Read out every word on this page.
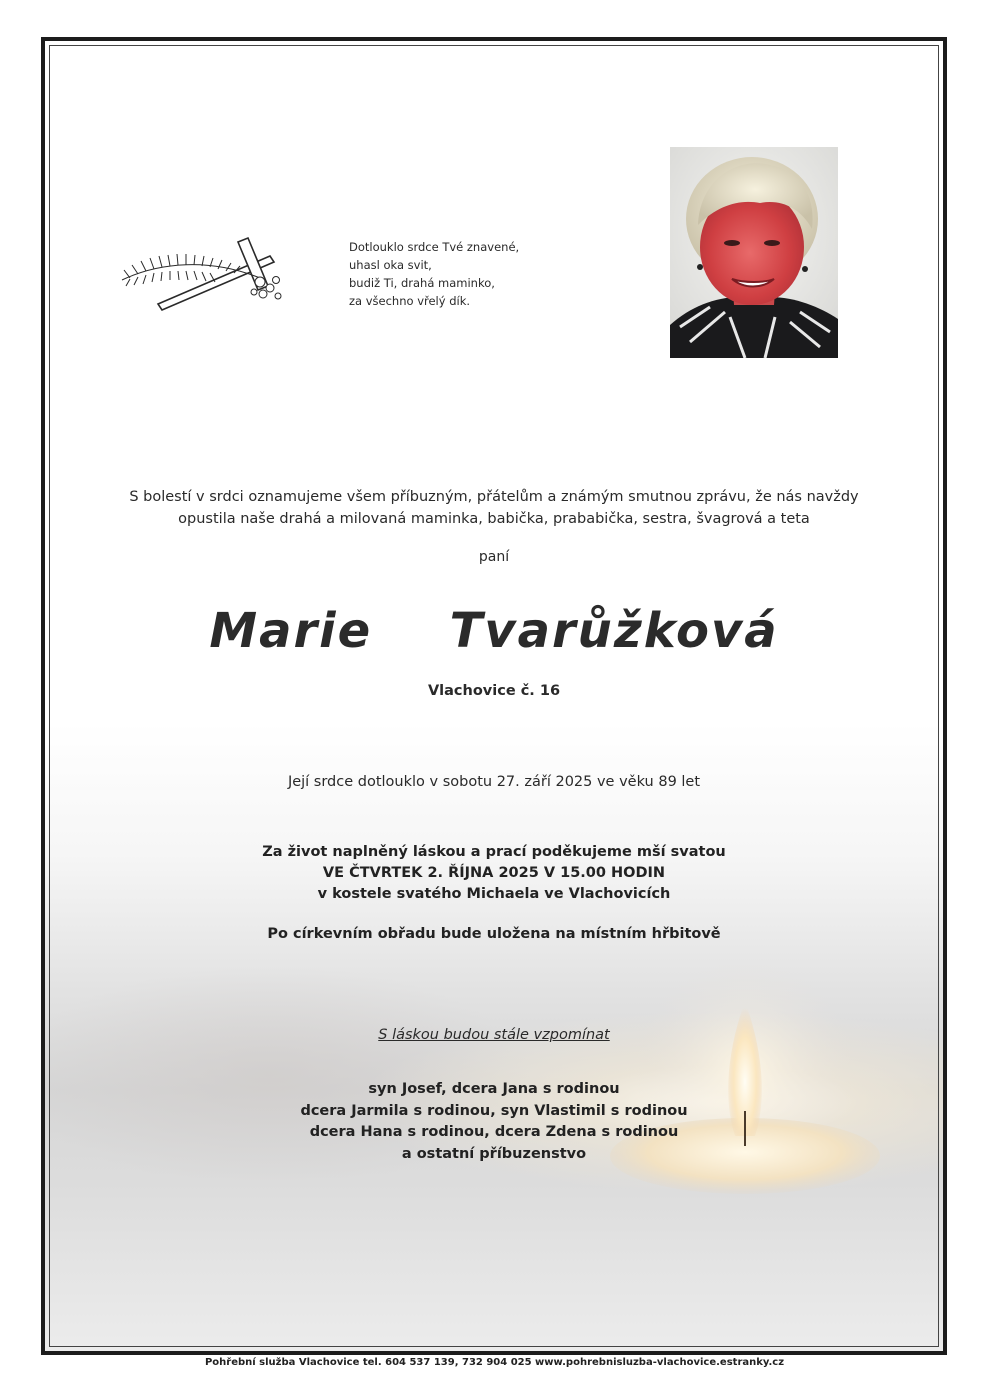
Dotlouklo srdce Tvé znavené,
uhasl oka svit,
budiž Ti, drahá maminko,
za všechno vřelý dík.
S bolestí v srdci oznamujeme všem příbuzným, přátelům a známým smutnou zprávu, že nás navždy
opustila naše drahá a milovaná maminka, babička, prababička, sestra, švagrová a teta
paní
Marie  Tvarůžková
Vlachovice č. 16
Její srdce dotlouklo v sobotu 27. září 2025 ve věku 89 let
Za život naplněný láskou a prací poděkujeme mší svatou
VE ČTVRTEK 2. ŘÍJNA 2025 V 15.00 HODIN
v kostele svatého Michaela ve Vlachovicích
Po církevním obřadu bude uložena na místním hřbitově
S láskou budou stále vzpomínat
syn Josef, dcera Jana s rodinou
dcera Jarmila s rodinou, syn Vlastimil s rodinou
dcera Hana s rodinou, dcera Zdena s rodinou
a ostatní příbuzenstvo
Pohřební služba Vlachovice tel. 604 537 139, 732 904 025 www.pohrebnisluzba-vlachovice.estranky.cz
